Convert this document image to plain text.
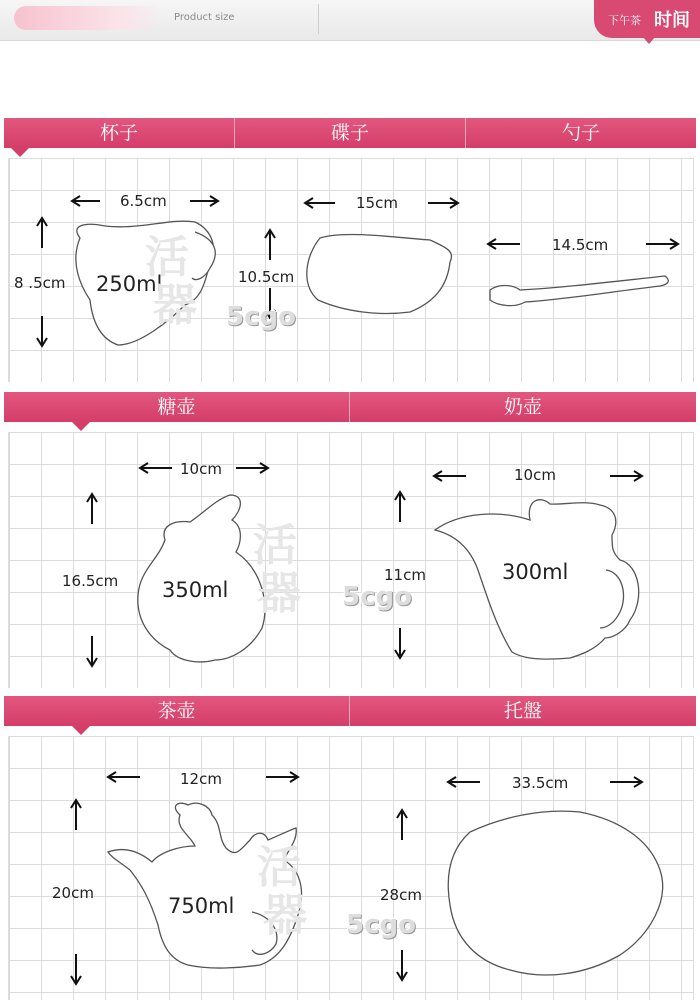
Product size	下午茶 时间
杯子	碟子	勺子
6.5cm
8 .5cm 250ml
15cm
10.5cm
14.5cm
活
器 5cgo
糖壶	奶壶
10cm
16.5cm 350ml
10cm
11cm	300ml
活
器 5cgo
茶壶	托盤
12cm
20cm
750ml
33.5cm
28cm
活
器 5cgo
